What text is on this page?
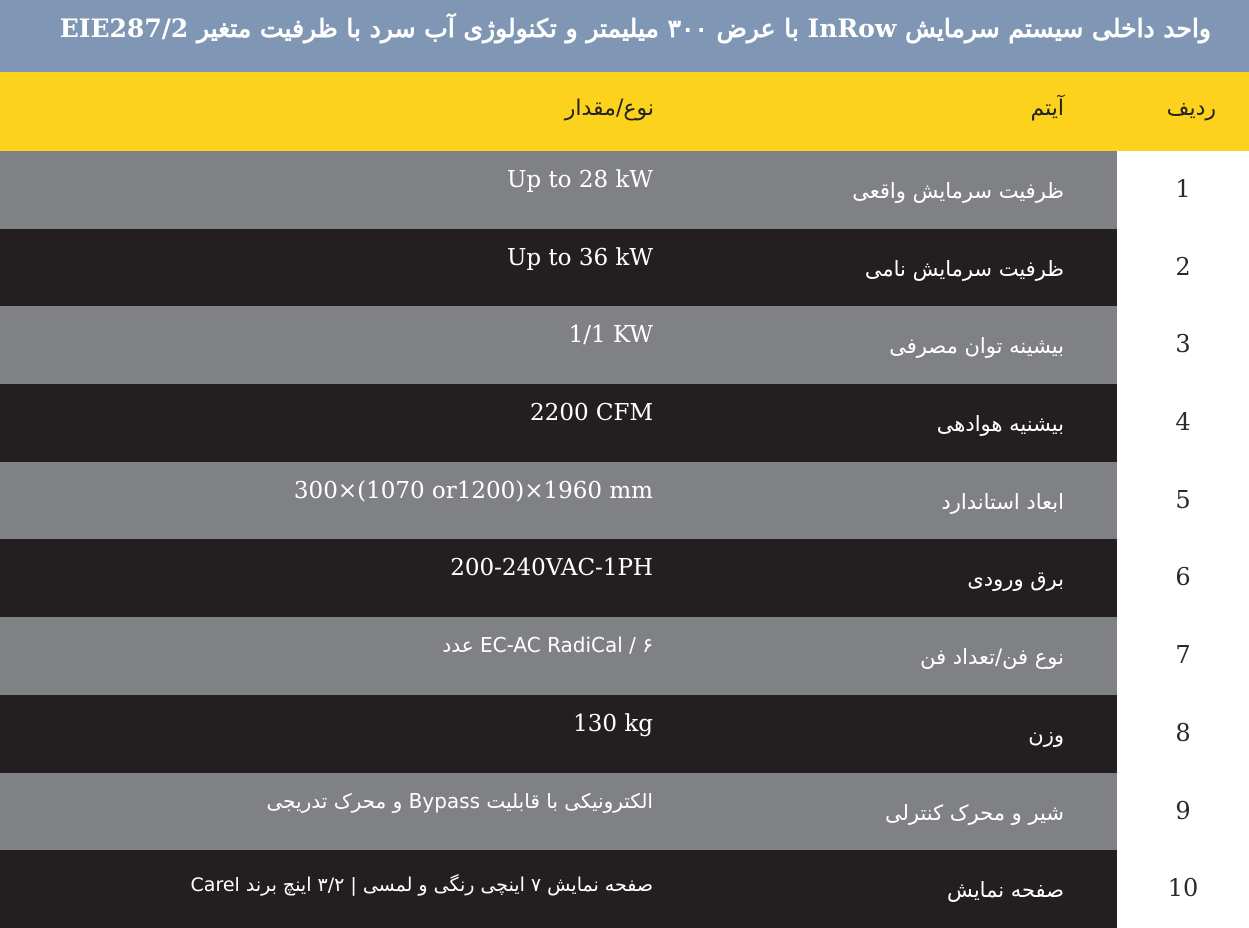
واحد داخلی سیستم سرمایش InRow با عرض ۳۰۰ میلیمتر و تکنولوژی آب سرد با ظرفیت متغیر EIE287/2
ردیف
آیتم
نوع/مقدار
1
ظرفیت سرمایش واقعی
Up to 28 kW
2
ظرفیت سرمایش نامی
Up to 36 kW
3
بیشینه توان مصرفی
1/1 KW
4
بیشنیه هوادهی
2200 CFM
5
ابعاد استاندارد
300×(1070 or1200)×1960 mm
6
برق ورودی
200-240VAC-1PH
7
نوع فن/تعداد فن
EC-AC RadiCal / ۶ عدد
8
وزن
130 kg
9
شیر و محرک کنترلی
الکترونیکی با قابلیت Bypass و محرک تدریجی
10
صفحه نمایش
صفحه نمایش ۷ اینچی رنگی و لمسی | ۳/۲ اینچ برند Carel
